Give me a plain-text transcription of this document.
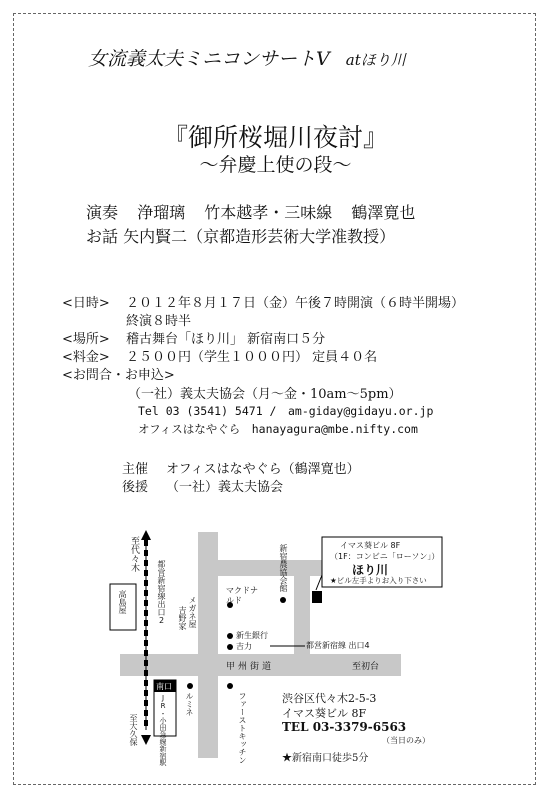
女流義太夫ミニコンサートV atほり川
『御所桜堀川夜討』
～弁慶上使の段～
演奏 浄瑠璃 竹本越孝・三味線 鶴澤寛也
お話 矢内賢二（京都造形芸術大学准教授）
<日時> ２０１２年８月１７日（金）午後７時開演（６時半開場）
終演８時半
<場所> 稽古舞台「ほり川」 新宿南口５分
<料金> ２５００円（学生１０００円） 定員４０名
<お問合・お申込>
（一社）義太夫協会（月～金・10am～5pm）
Tel 03 (3541) 5471 /　am-giday@gidayu.or.jp
オフィスはなやぐら　hanayagura@mbe.nifty.com
主催 オフィスはなやぐら（鶴澤寛也）
後援 （一社）義太夫協会
至代々木
高島屋	都営新宿線出口2	メガネ屋
吉野家
マクドナルド
新生銀行
吉力	都営新宿線 出口4
新宿農協会館	イマス葵ビル 8F
（1F：コンビニ「ローソン」）
ほり川
★ビル左手よりお入り下さい
甲州街道	至初台
南口
JR・小田急線新宿駅 ルミネ	ファーストキッチン
至大久保
渋谷区代々木2-5-3
イマス葵ビル 8F
TEL 03-3379-6563
（当日のみ）
★新宿南口徒歩5分
